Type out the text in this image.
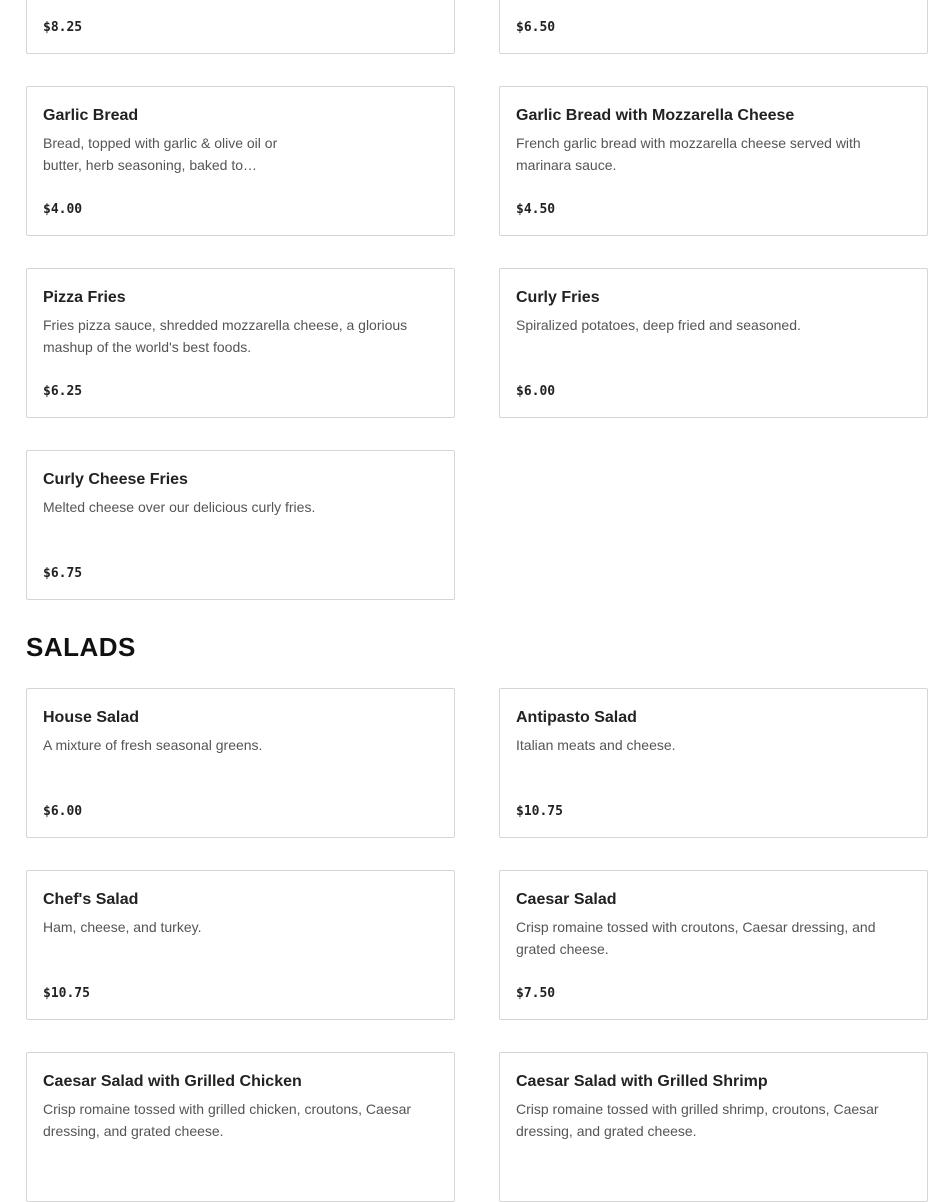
$8.25	$6.50
Garlic Bread
Bread, topped with garlic & olive oil or butter, herb seasoning, baked to…
$4.00
Garlic Bread with Mozzarella Cheese
French garlic bread with mozzarella cheese served with marinara sauce.
$4.50
Pizza Fries
Fries pizza sauce, shredded mozzarella cheese, a glorious mashup of the world's best foods.
$6.25
Curly Fries
Spiralized potatoes, deep fried and seasoned.
$6.00
Curly Cheese Fries
Melted cheese over our delicious curly fries.
$6.75
SALADS
House Salad
A mixture of fresh seasonal greens.
$6.00
Antipasto Salad
Italian meats and cheese.
$10.75
Chef's Salad
Ham, cheese, and turkey.
$10.75
Caesar Salad
Crisp romaine tossed with croutons, Caesar dressing, and grated cheese.
$7.50
Caesar Salad with Grilled Chicken
Crisp romaine tossed with grilled chicken, croutons, Caesar dressing, and grated cheese.
Caesar Salad with Grilled Shrimp
Crisp romaine tossed with grilled shrimp, croutons, Caesar dressing, and grated cheese.
